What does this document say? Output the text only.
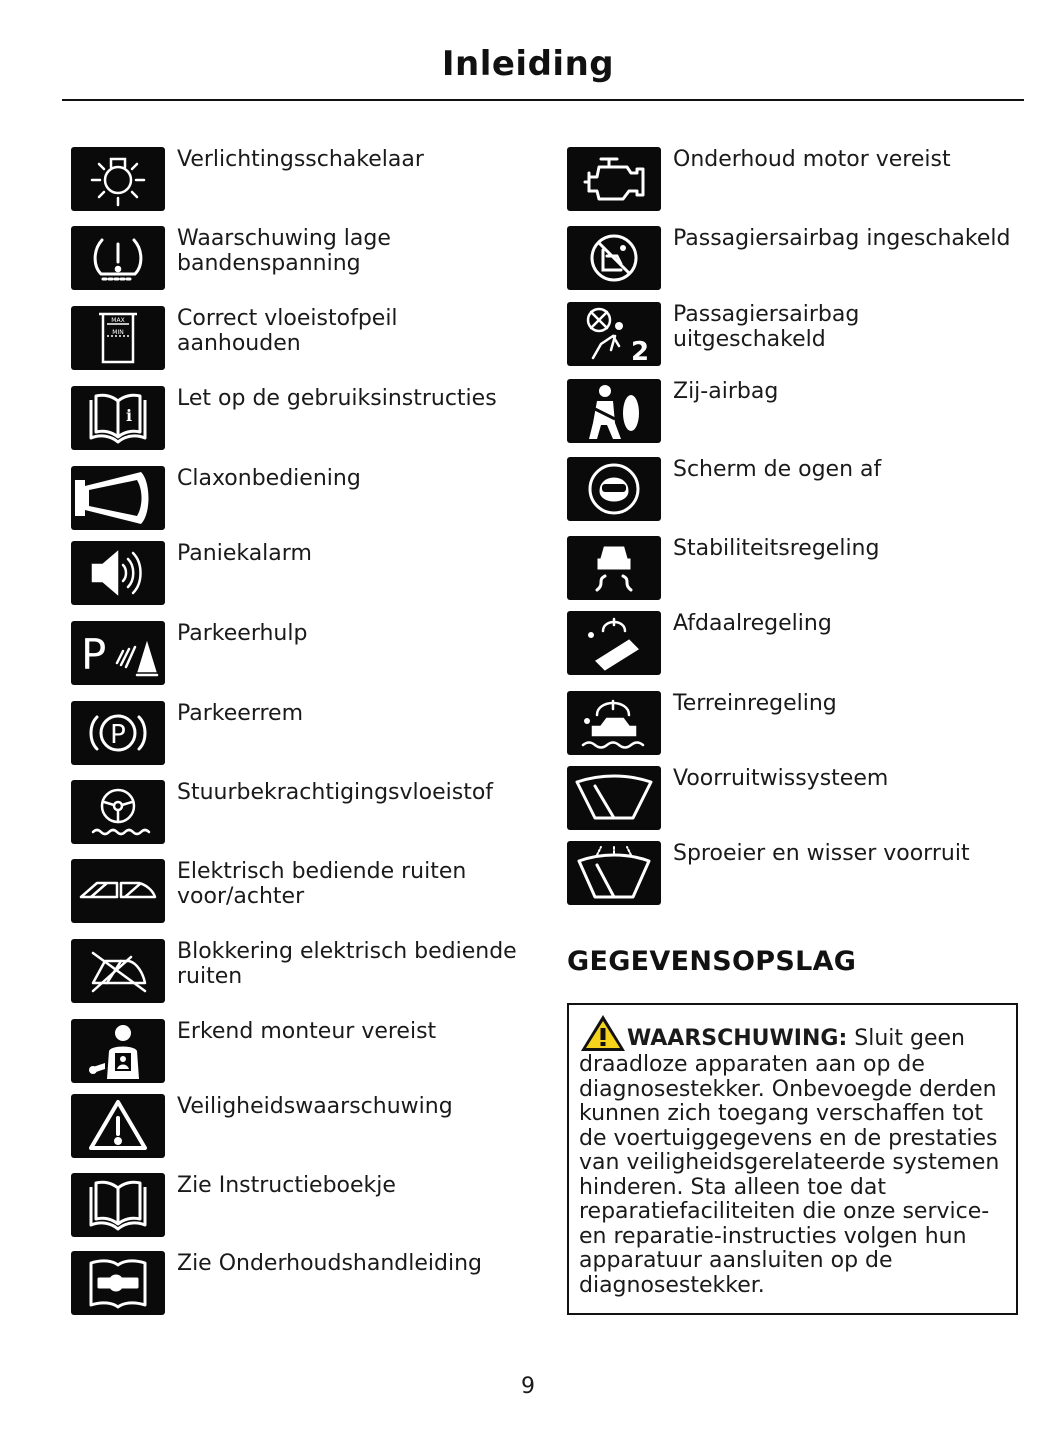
Inleiding
Verlichtingsschakelaar
Waarschuwing lage bandenspanning
MAX
MIN
Correct vloeistofpeil aanhouden
i
Let op de gebruiksinstructies
Claxonbediening
Paniekalarm
P	Parkeerhulp
P
Parkeerrem
Stuurbekrachtigingsvloeistof
Elektrisch bediende ruiten voor/achter
Blokkering elektrisch bediende ruiten
Erkend monteur vereist
Veiligheidswaarschuwing
Zie Instructieboekje
Zie Onderhoudshandleiding
Onderhoud motor vereist
Passagiersairbag ingeschakeld
2
Passagiersairbag uitgeschakeld
Zij-airbag
Scherm de ogen af
Stabiliteitsregeling
Afdaalregeling
Terreinregeling
Voorruitwissysteem
Sproeier en wisser voorruit
GEGEVENSOPSLAG

WAARSCHUWING: Sluit geen draadloze apparaten aan op de diagnosestekker. Onbevoegde derden kunnen zich toegang verschaffen tot de voertuiggegevens en de prestaties van veiligheidsgerelateerde systemen hinderen. Sta alleen toe dat reparatiefaciliteiten die onze service- en reparatie-instructies volgen hun apparatuur aansluiten op de diagnosestekker.

9
